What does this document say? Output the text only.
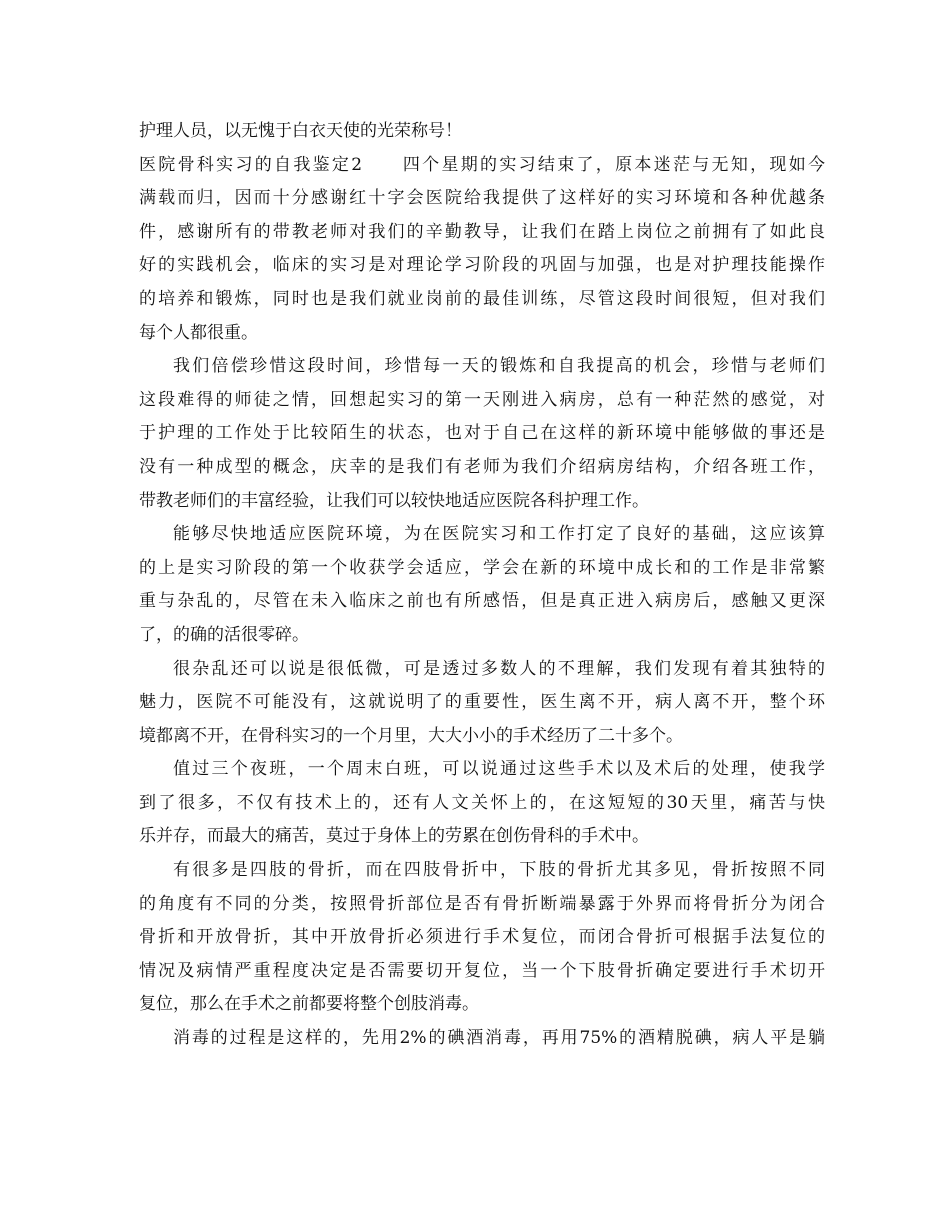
护理人员，以无愧于白衣天使的光荣称号！

医院骨科实习的自我鉴定2　　四个星期的实习结束了，原本迷茫与无知，现如今

满载而归，因而十分感谢红十字会医院给我提供了这样好的实习环境和各种优越条

件，感谢所有的带教老师对我们的辛勤教导，让我们在踏上岗位之前拥有了如此良

好的实践机会，临床的实习是对理论学习阶段的巩固与加强，也是对护理技能操作

的培养和锻炼，同时也是我们就业岗前的最佳训练，尽管这段时间很短，但对我们

每个人都很重。

我们倍偿珍惜这段时间，珍惜每一天的锻炼和自我提高的机会，珍惜与老师们

这段难得的师徒之情，回想起实习的第一天刚进入病房，总有一种茫然的感觉，对

于护理的工作处于比较陌生的状态，也对于自己在这样的新环境中能够做的事还是

没有一种成型的概念，庆幸的是我们有老师为我们介绍病房结构，介绍各班工作，

带教老师们的丰富经验，让我们可以较快地适应医院各科护理工作。

能够尽快地适应医院环境，为在医院实习和工作打定了良好的基础，这应该算

的上是实习阶段的第一个收获学会适应，学会在新的环境中成长和的工作是非常繁

重与杂乱的，尽管在未入临床之前也有所感悟，但是真正进入病房后，感触又更深

了，的确的活很零碎。

很杂乱还可以说是很低微，可是透过多数人的不理解，我们发现有着其独特的

魅力，医院不可能没有，这就说明了的重要性，医生离不开，病人离不开，整个环

境都离不开，在骨科实习的一个月里，大大小小的手术经历了二十多个。

值过三个夜班，一个周末白班，可以说通过这些手术以及术后的处理，使我学

到了很多，不仅有技术上的，还有人文关怀上的，在这短短的30天里，痛苦与快

乐并存，而最大的痛苦，莫过于身体上的劳累在创伤骨科的手术中。

有很多是四肢的骨折，而在四肢骨折中，下肢的骨折尤其多见，骨折按照不同

的角度有不同的分类，按照骨折部位是否有骨折断端暴露于外界而将骨折分为闭合

骨折和开放骨折，其中开放骨折必须进行手术复位，而闭合骨折可根据手法复位的

情况及病情严重程度决定是否需要切开复位，当一个下肢骨折确定要进行手术切开

复位，那么在手术之前都要将整个创肢消毒。

消毒的过程是这样的，先用2%的碘酒消毒，再用75%的酒精脱碘，病人平是躺
